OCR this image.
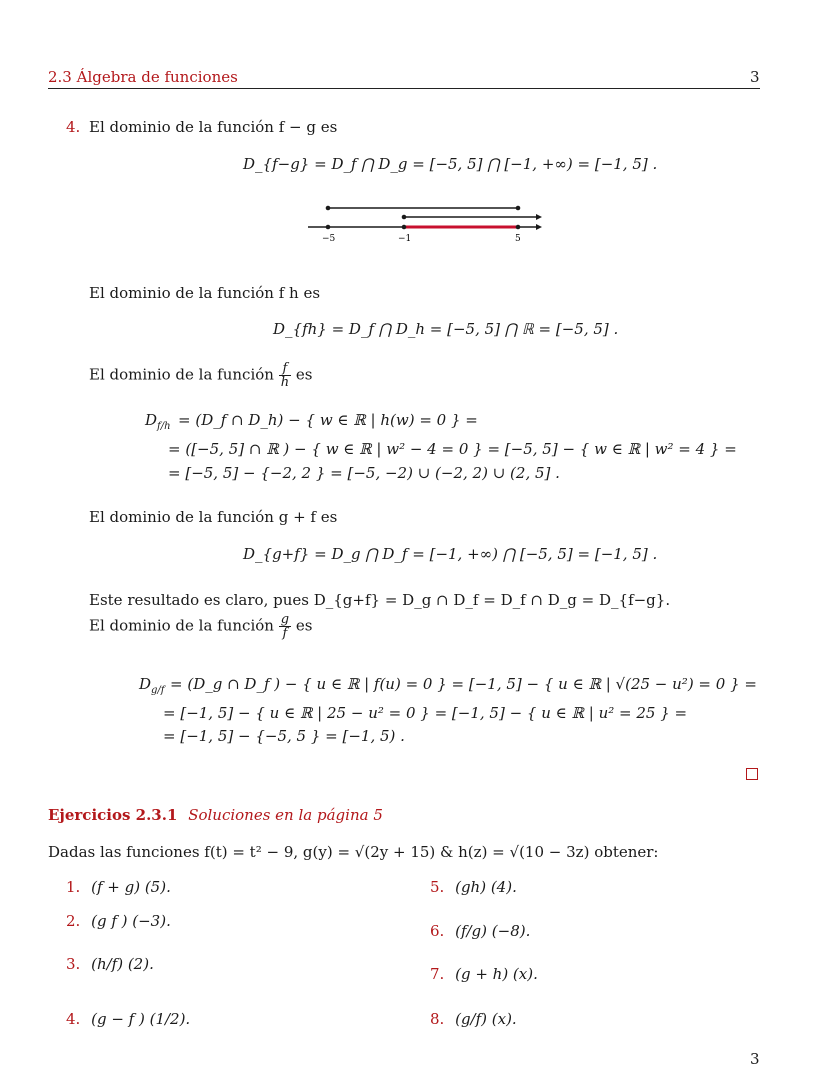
2.3 Álgebra de funciones	3
4. El dominio de la función f − g es
D_{f−g} = D_f ⋂ D_g = [−5, 5] ⋂ [−1, +∞) = [−1, 5] .
−5	−1	5
El dominio de la función f h es
D_{fh} = D_f ⋂ D_h = [−5, 5] ⋂ ℝ = [−5, 5] .
El dominio de la función $\frac{f}{h}$ es
$D_{f/h}$ = (D_f ∩ D_h) − { w ∈ ℝ | h(w) = 0 } =
= ([−5, 5] ∩ ℝ ) − { w ∈ ℝ | w² − 4 = 0 } = [−5, 5] − { w ∈ ℝ | w² = 4 } =
= [−5, 5] − {−2, 2 } = [−5, −2) ∪ (−2, 2) ∪ (2, 5] .
El dominio de la función g + f es
D_{g+f} = D_g ⋂ D_f = [−1, +∞) ⋂ [−5, 5] = [−1, 5] .
Este resultado es claro, pues D_{g+f} = D_g ∩ D_f = D_f ∩ D_g = D_{f−g}.
El dominio de la función $\frac{g}{f}$ es
$D_{g/f}$ = (D_g ∩ D_f ) − { u ∈ ℝ | f(u) = 0 } = [−1, 5] − { u ∈ ℝ | √(25 − u²) = 0 } =
= [−1, 5] − { u ∈ ℝ | 25 − u² = 0 } = [−1, 5] − { u ∈ ℝ | u² = 25 } =
= [−1, 5] − {−5, 5 } = [−1, 5) .
Ejercicios 2.3.1 Soluciones en la página 5
Dadas las funciones f(t) = t² − 9, g(y) = √(2y + 15) & h(z) = √(10 − 3z) obtener:
1. (f + g) (5).
2. (g f ) (−3).
3. (h/f) (2).
4. (g − f ) (1/2).
5. (gh) (4).
6. (f/g) (−8).
7. (g + h) (x).
8. (g/f) (x).
3
